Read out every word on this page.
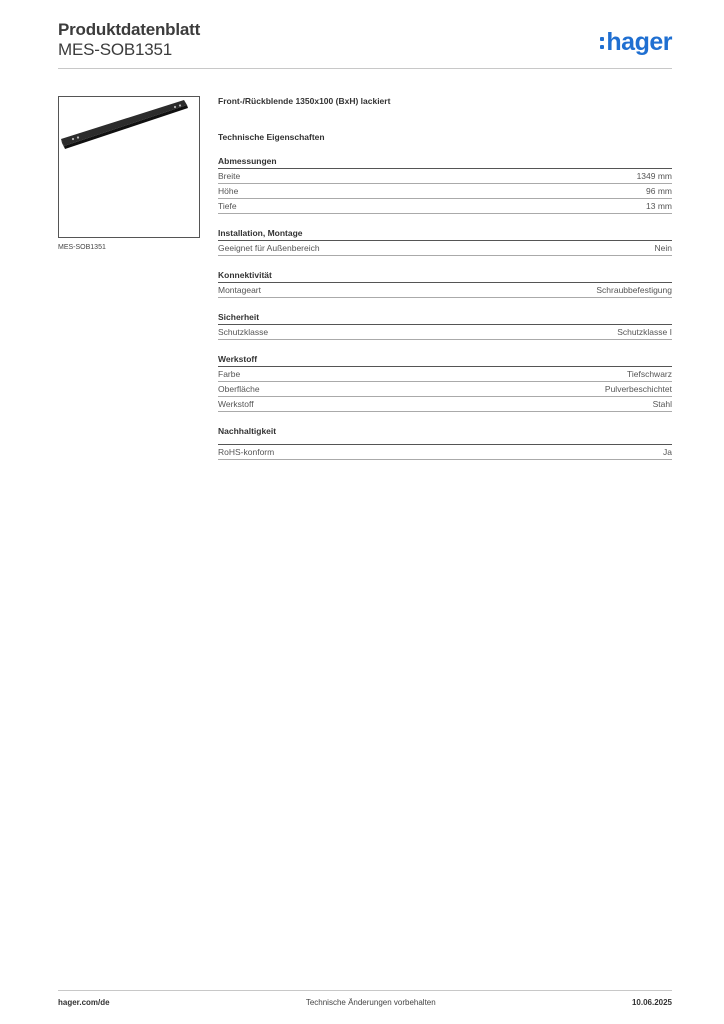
Produktdatenblatt
MES-SOB1351	hager
MES-SOB1351
Front-/Rückblende 1350x100 (BxH) lackiert
Technische Eigenschaften
Abmessungen
Breite	1349 mm
Höhe	96 mm
Tiefe	13 mm
Installation, Montage
Geeignet für Außenbereich	Nein
Konnektivität
Montageart	Schraubbefestigung
Sicherheit
Schutzklasse	Schutzklasse I
Werkstoff
Farbe	Tiefschwarz
Oberfläche	Pulverbeschichtet
Werkstoff	Stahl
Nachhaltigkeit
RoHS-konform	Ja
hager.com/de	Technische Änderungen vorbehalten	10.06.2025
